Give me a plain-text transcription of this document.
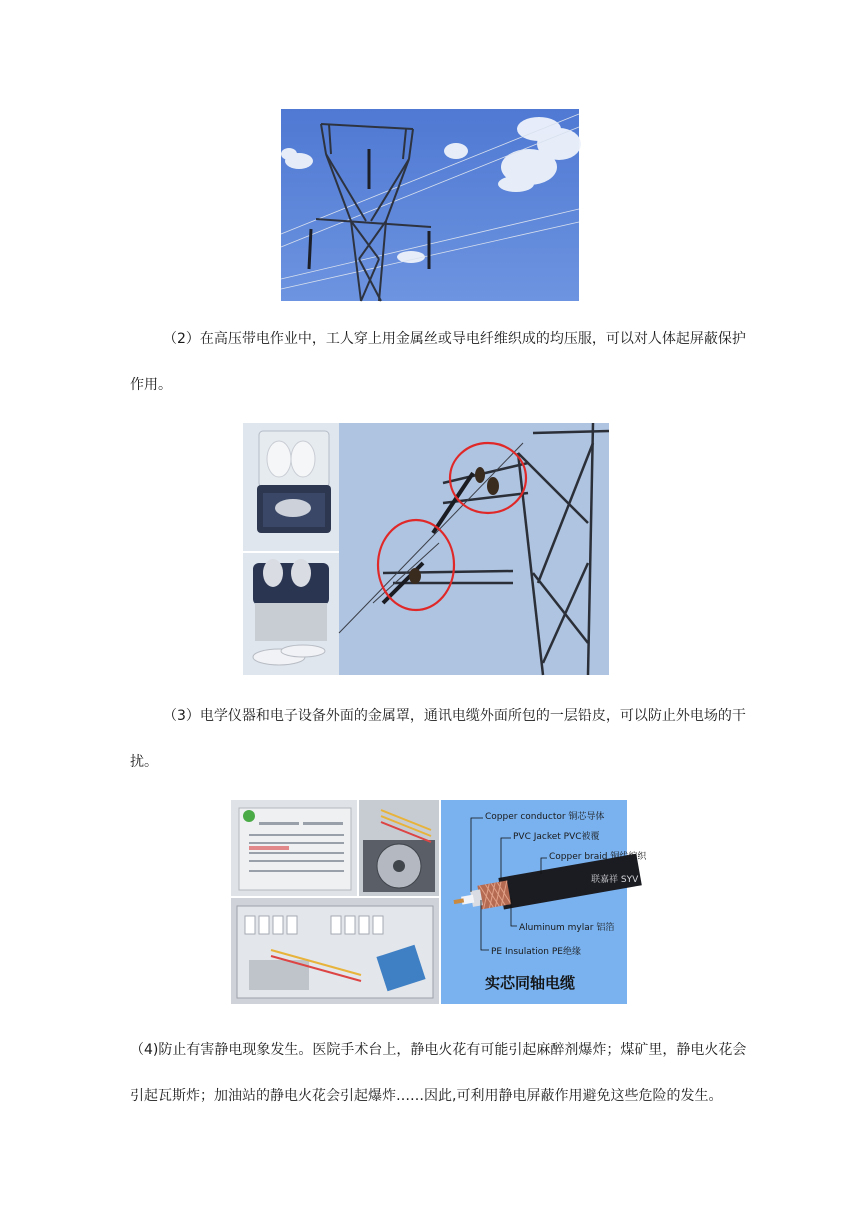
（2）在高压带电作业中，工人穿上用金属丝或导电纤维织成的均压服，可以对人体起屏蔽保护

作用。

（3）电学仪器和电子设备外面的金属罩，通讯电缆外面所包的一层铅皮，可以防止外电场的干

扰。

Copper conductor 铜芯导体
PVC Jacket PVC被覆
Copper braid 铜线编织
联嘉祥 SYV
Aluminum mylar 铝箔
PE Insulation PE绝缘
实芯同轴电缆

（4)防止有害静电现象发生。医院手术台上，静电火花有可能引起麻醉剂爆炸；煤矿里，静电火花会

引起瓦斯炸；加油站的静电火花会引起爆炸……因此,可利用静电屏蔽作用避免这些危险的发生。
